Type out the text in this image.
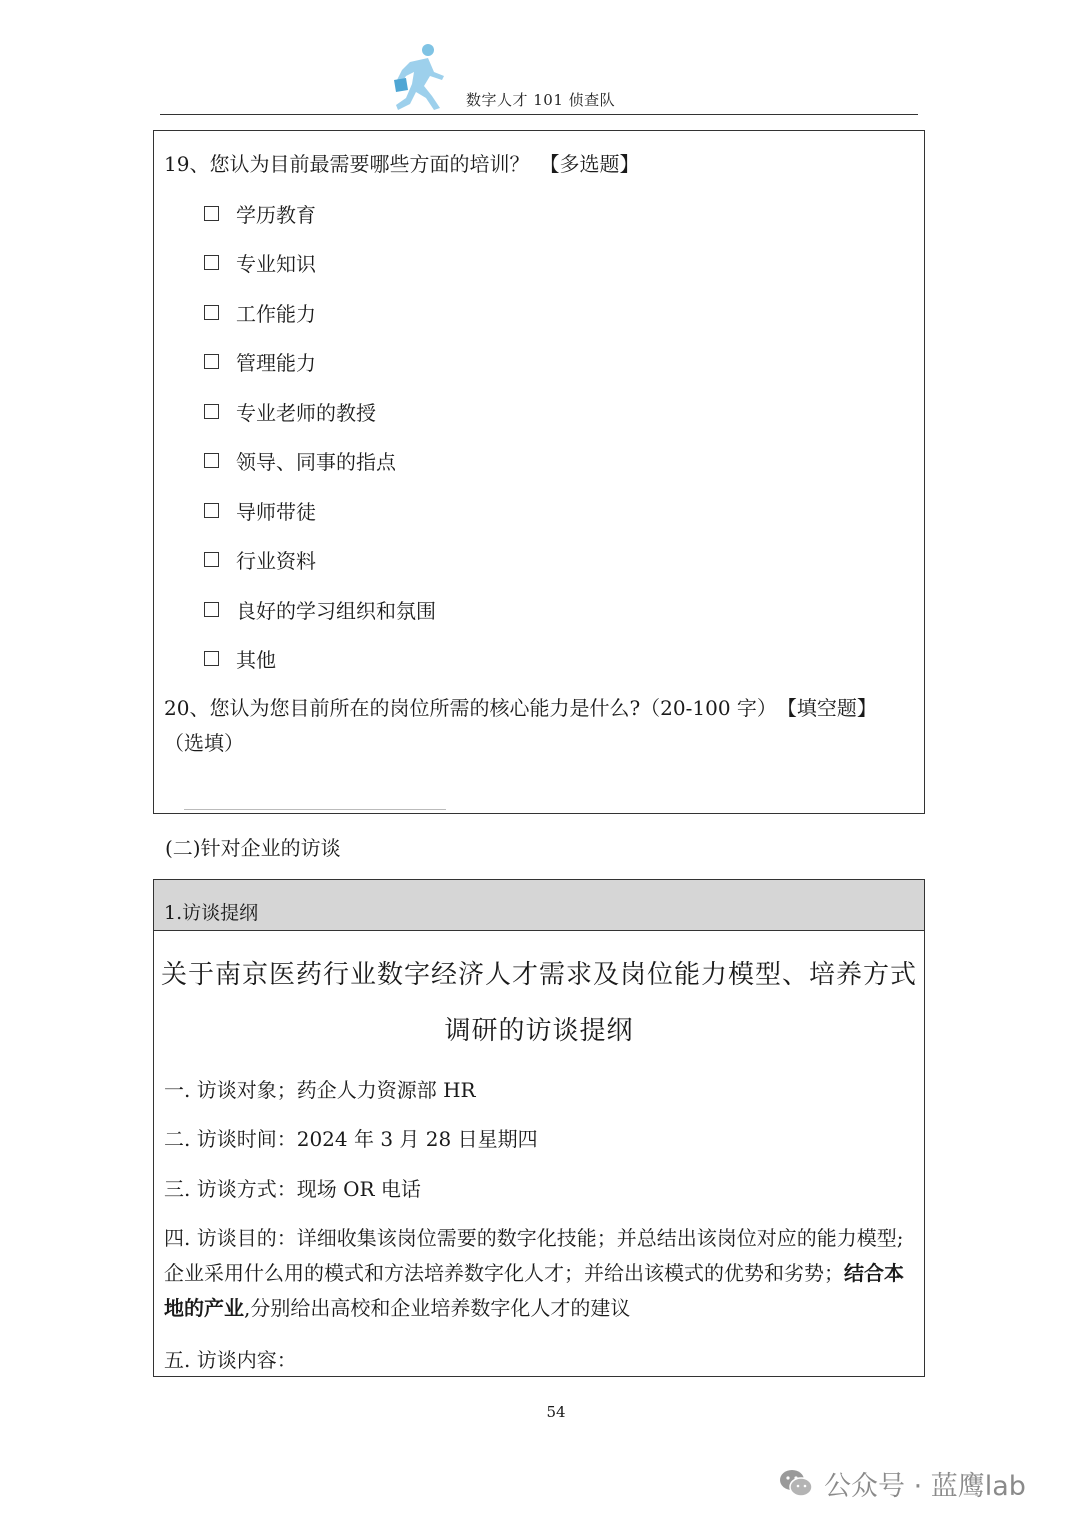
数字人才 101 侦查队
19、您认为目前最需要哪些方面的培训？　【多选题】
学历教育
专业知识
工作能力
管理能力
专业老师的教授
领导、同事的指点
导师带徒
行业资料
良好的学习组织和氛围
其他
20、您认为您目前所在的岗位所需的核心能力是什么?（20-100 字）　【填空题】
（选填）
(二)针对企业的访谈
1.访谈提纲
关于南京医药行业数字经济人才需求及岗位能力模型、培养方式
调研的访谈提纲
一. 访谈对象；药企人力资源部 HR
二. 访谈时间：2024 年 3 月 28 日星期四
三. 访谈方式：现场 OR 电话
四. 访谈目的：详细收集该岗位需要的数字化技能；并总结出该岗位对应的能力模型;企业采用什么用的模式和方法培养数字化人才；并给出该模式的优势和劣势；结合本地的产业,分别给出高校和企业培养数字化人才的建议
五. 访谈内容：
54
公众号 · 蓝鹰lab
